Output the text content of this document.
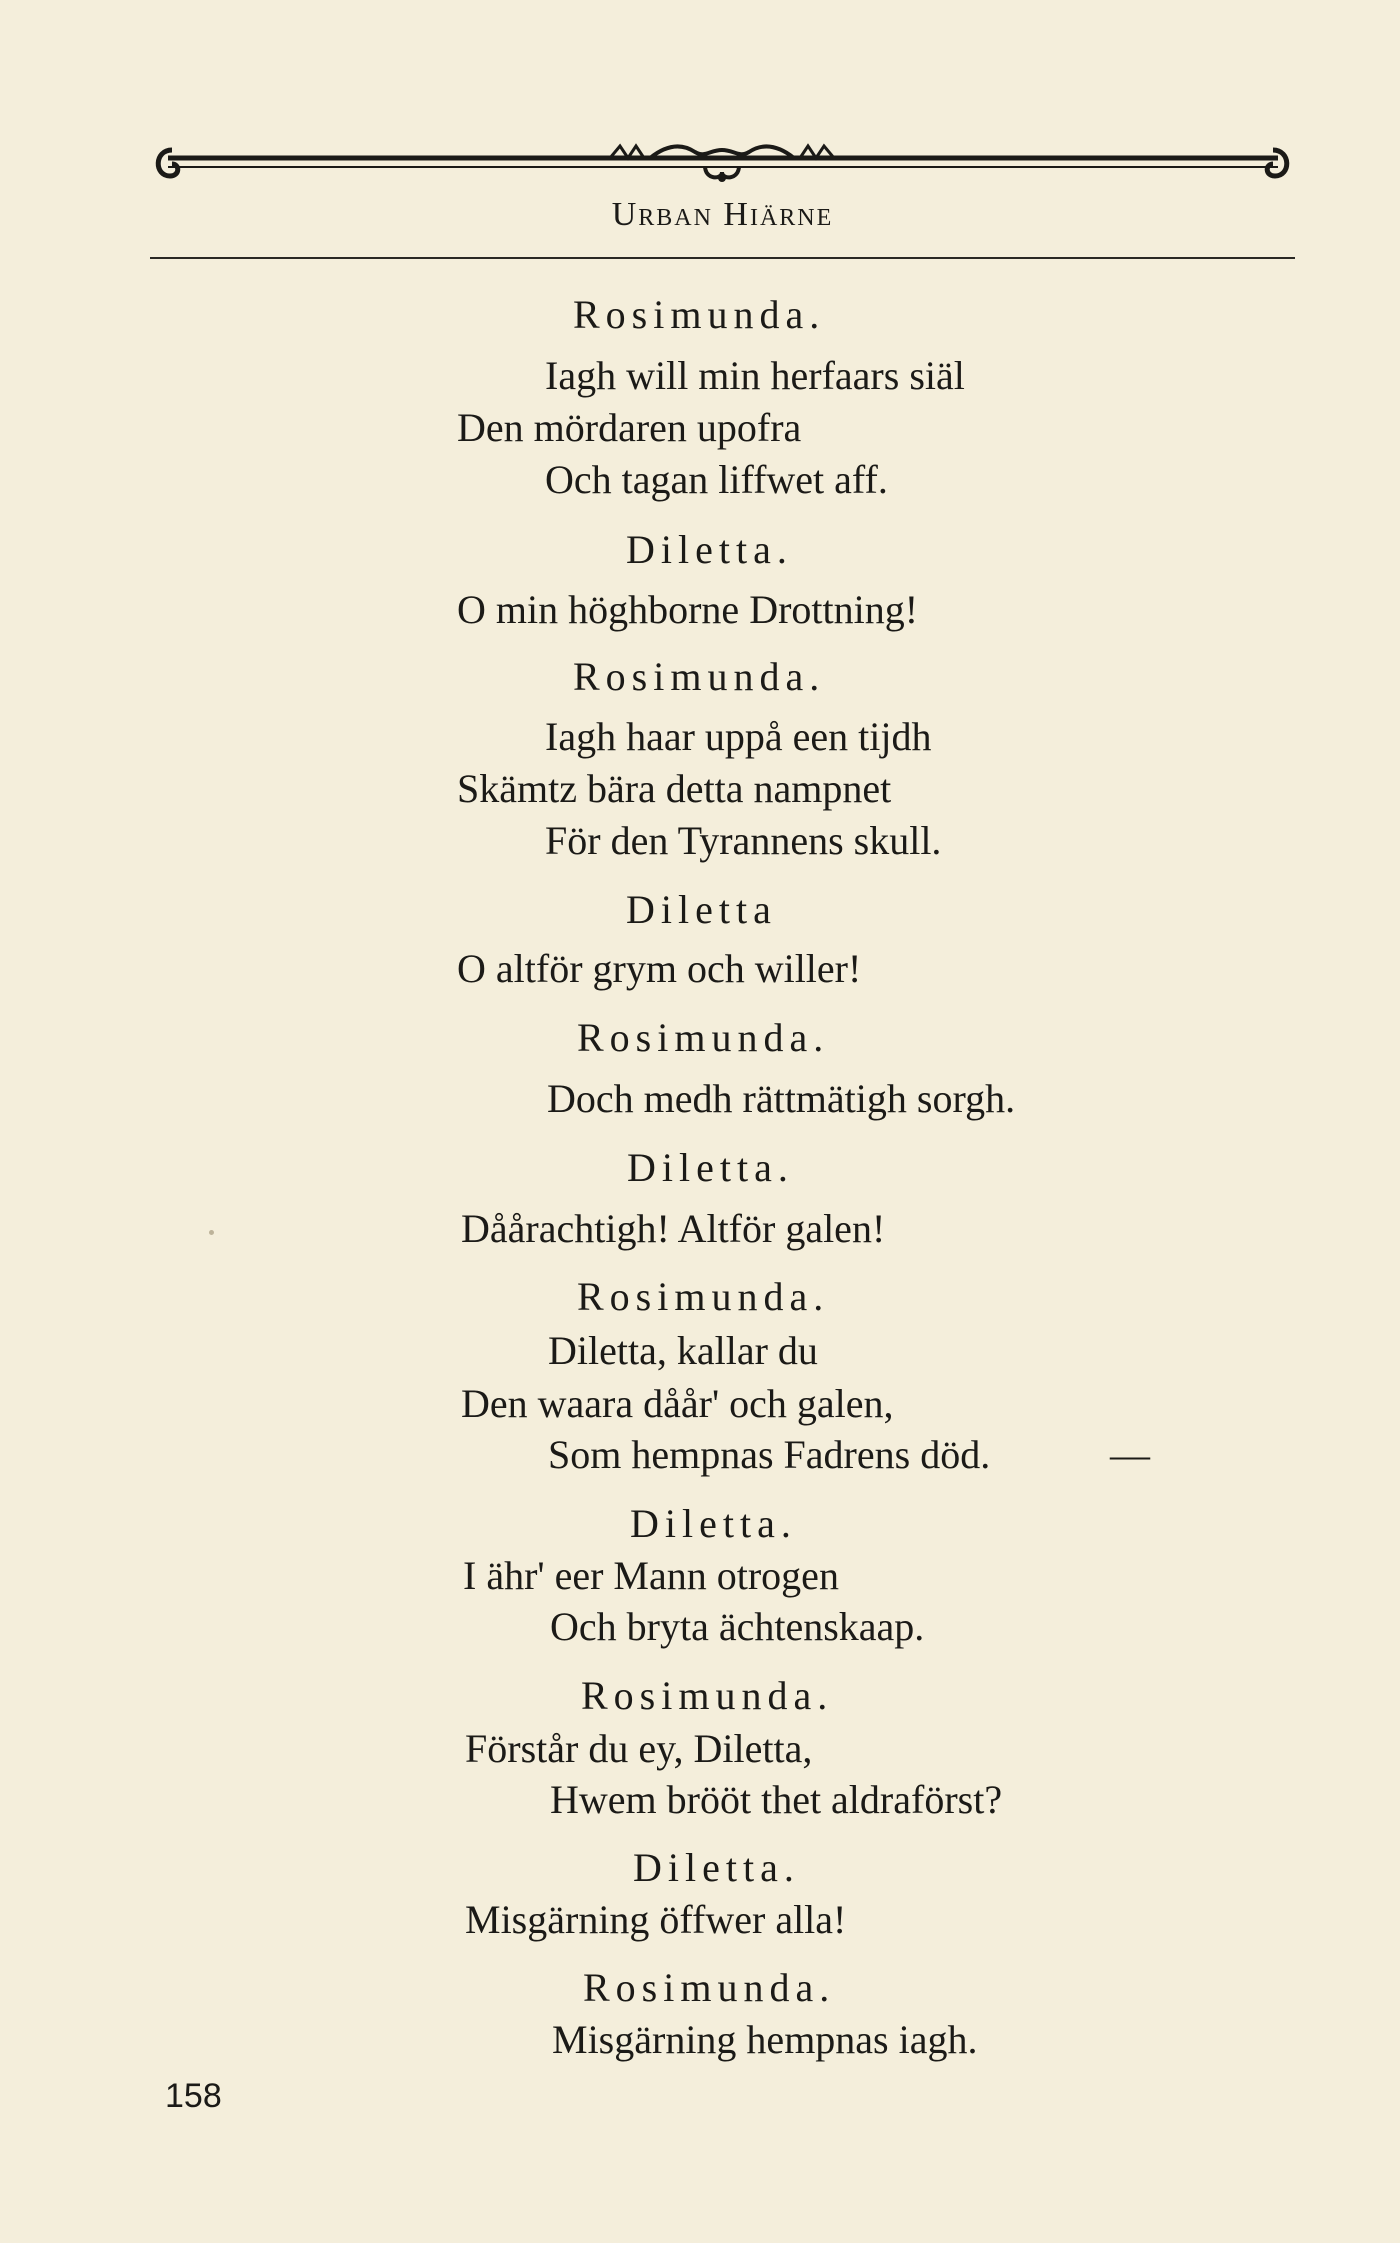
Urban Hiärne
Rosimunda.
Iagh will min herfaars siäl
Den mördaren upofra
Och tagan liffwet aff.
Diletta.
O min höghborne Drottning!
Rosimunda.
Iagh haar uppå een tijdh
Skämtz bära detta nampnet
För den Tyrannens skull.
Diletta
O altför grym och willer!
Rosimunda.
Doch medh rättmätigh sorgh.
Diletta.
Dåårachtigh! Altför galen!
Rosimunda.
Diletta, kallar du
Den waara dåår' och galen,
Som hempnas Fadrens död.
Diletta.
I ähr' eer Mann otrogen
Och bryta ächtenskaap.
Rosimunda.
Förstår du ey, Diletta,
Hwem brööt thet aldraförst?
Diletta.
Misgärning öffwer alla!
Rosimunda.
Misgärning hempnas iagh.
—
158
